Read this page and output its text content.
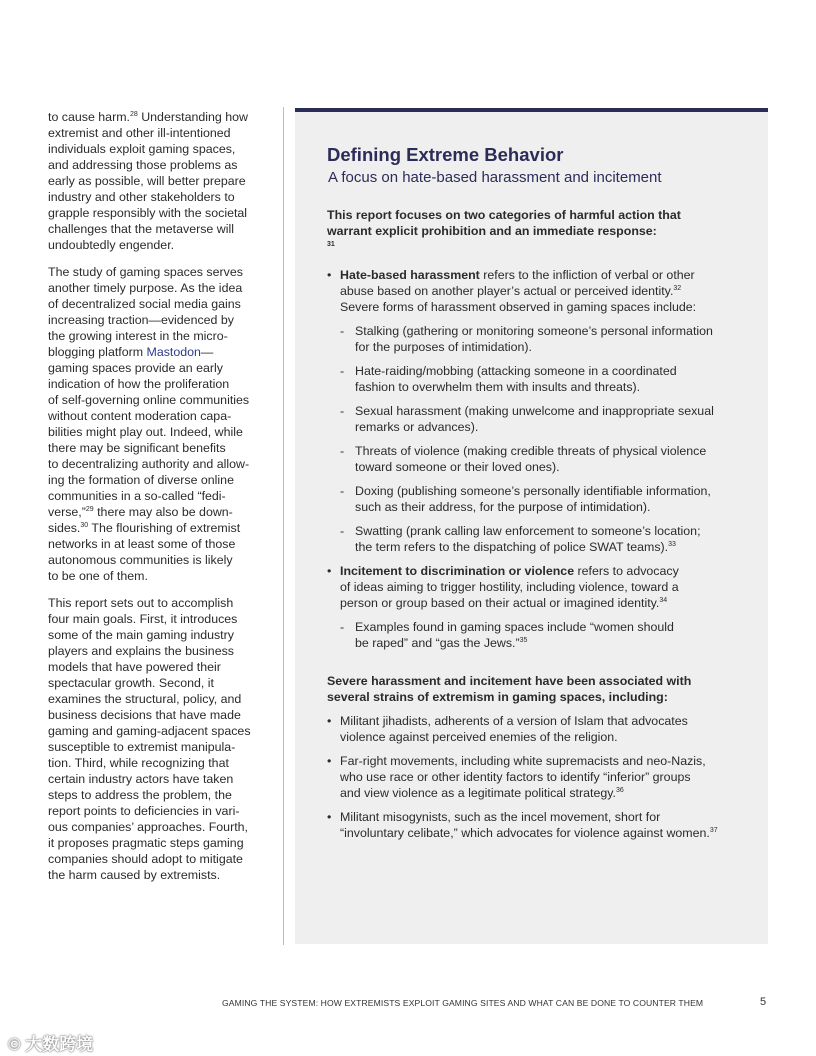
to cause harm.$^{28}$ Understanding how
extremist and other ill-intentioned
individuals exploit gaming spaces,
and addressing those problems as
early as possible, will better prepare
industry and other stakeholders to
grapple responsibly with the societal
challenges that the metaverse will
undoubtedly engender.

The study of gaming spaces serves
another timely purpose. As the idea
of decentralized social media gains
increasing traction—evidenced by
the growing interest in the micro-
blogging platform Mastodon—
gaming spaces provide an early
indication of how the proliferation
of self-governing online communities
without content moderation capa-
bilities might play out. Indeed, while
there may be significant benefits
to decentralizing authority and allow-
ing the formation of diverse online
communities in a so-called “fedi-
verse,”$^{29}$ there may also be down-
sides.$^{30}$ The flourishing of extremist
networks in at least some of those
autonomous communities is likely
to be one of them.

This report sets out to accomplish
four main goals. First, it introduces
some of the main gaming industry
players and explains the business
models that have powered their
spectacular growth. Second, it
examines the structural, policy, and
business decisions that have made
gaming and gaming-adjacent spaces
susceptible to extremist manipula-
tion. Third, while recognizing that
certain industry actors have taken
steps to address the problem, the
report points to deficiencies in vari-
ous companies’ approaches. Fourth,
it proposes pragmatic steps gaming
companies should adopt to mitigate
the harm caused by extremists.

Defining Extreme Behavior
A focus on hate-based harassment and incitement
This report focuses on two categories of harmful action that
warrant explicit prohibition and an immediate response:
$^{31}$
• Hate-based harassment refers to the infliction of verbal or other
abuse based on another player’s actual or perceived identity.$^{32}$
Severe forms of harassment observed in gaming spaces include:
- Stalking (gathering or monitoring someone’s personal information
for the purposes of intimidation).
- Hate-raiding/mobbing (attacking someone in a coordinated
fashion to overwhelm them with insults and threats).
- Sexual harassment (making unwelcome and inappropriate sexual
remarks or advances).
- Threats of violence (making credible threats of physical violence
toward someone or their loved ones).
- Doxing (publishing someone’s personally identifiable information,
such as their address, for the purpose of intimidation).
- Swatting (prank calling law enforcement to someone’s location;
the term refers to the dispatching of police SWAT teams).$^{33}$
• Incitement to discrimination or violence refers to advocacy
of ideas aiming to trigger hostility, including violence, toward a
person or group based on their actual or imagined identity.$^{34}$
- Examples found in gaming spaces include “women should
be raped” and “gas the Jews.”$^{35}$
Severe harassment and incitement have been associated with
several strains of extremism in gaming spaces, including:
• Militant jihadists, adherents of a version of Islam that advocates
violence against perceived enemies of the religion.
• Far-right movements, including white supremacists and neo-Nazis,
who use race or other identity factors to identify “inferior” groups
and view violence as a legitimate political strategy.$^{36}$
• Militant misogynists, such as the incel movement, short for
“involuntary celibate,” which advocates for violence against women.$^{37}$
GAMING THE SYSTEM: HOW EXTREMISTS EXPLOIT GAMING SITES AND WHAT CAN BE DONE TO COUNTER THEM	5
© 大数跨境
